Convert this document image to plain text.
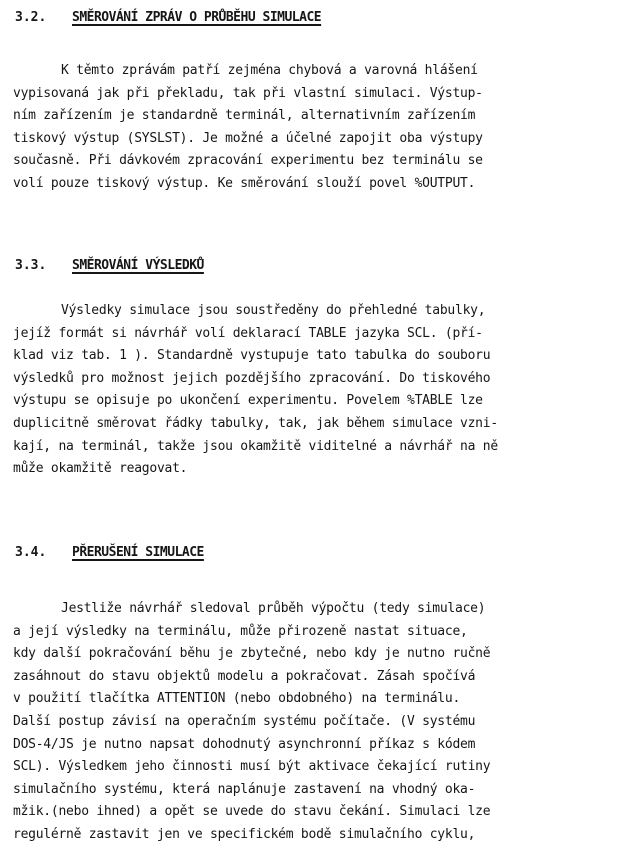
3.2. SMĚROVÁNÍ ZPRÁV O PRŮBĚHU SIMULACE
K těmto zprávám patří zejména chybová a varovná hlášení
vypisovaná jak při překladu, tak při vlastní simulaci. Výstup-
ním zařízením je standardně terminál, alternativním zařízením
tiskový výstup (SYSLST). Je možné a účelné zapojit oba výstupy
současně. Při dávkovém zpracování experimentu bez terminálu se
volí pouze tiskový výstup. Ke směrování slouží povel %OUTPUT.
3.3. SMĚROVÁNÍ VÝSLEDKŮ
Výsledky simulace jsou soustředěny do přehledné tabulky,
jejíž formát si návrhář volí deklarací TABLE jazyka SCL. (pří-
klad viz tab. 1 ). Standardně vystupuje tato tabulka do souboru
výsledků pro možnost jejich pozdějšího zpracování. Do tiskového
výstupu se opisuje po ukončení experimentu. Povelem %TABLE lze
duplicitně směrovat řádky tabulky, tak, jak během simulace vzni-
kají, na terminál, takže jsou okamžitě viditelné a návrhář na ně
může okamžitě reagovat.
3.4. PŘERUŠENÍ SIMULACE
Jestliže návrhář sledoval průběh výpočtu (tedy simulace)
a její výsledky na terminálu, může přirozeně nastat situace,
kdy další pokračování běhu je zbytečné, nebo kdy je nutno ručně
zasáhnout do stavu objektů modelu a pokračovat. Zásah spočívá
v použití tlačítka ATTENTION (nebo obdobného) na terminálu.
Další postup závisí na operačním systému počítače. (V systému
DOS-4/JS je nutno napsat dohodnutý asynchronní příkaz s kódem
SCL). Výsledkem jeho činnosti musí být aktivace čekající rutiny
simulačního systému, která naplánuje zastavení na vhodný oka-
mžik.(nebo ihned) a opět se uvede do stavu čekání. Simulaci lze
regulérně zastavit jen ve specifickém bodě simulačního cyklu,
